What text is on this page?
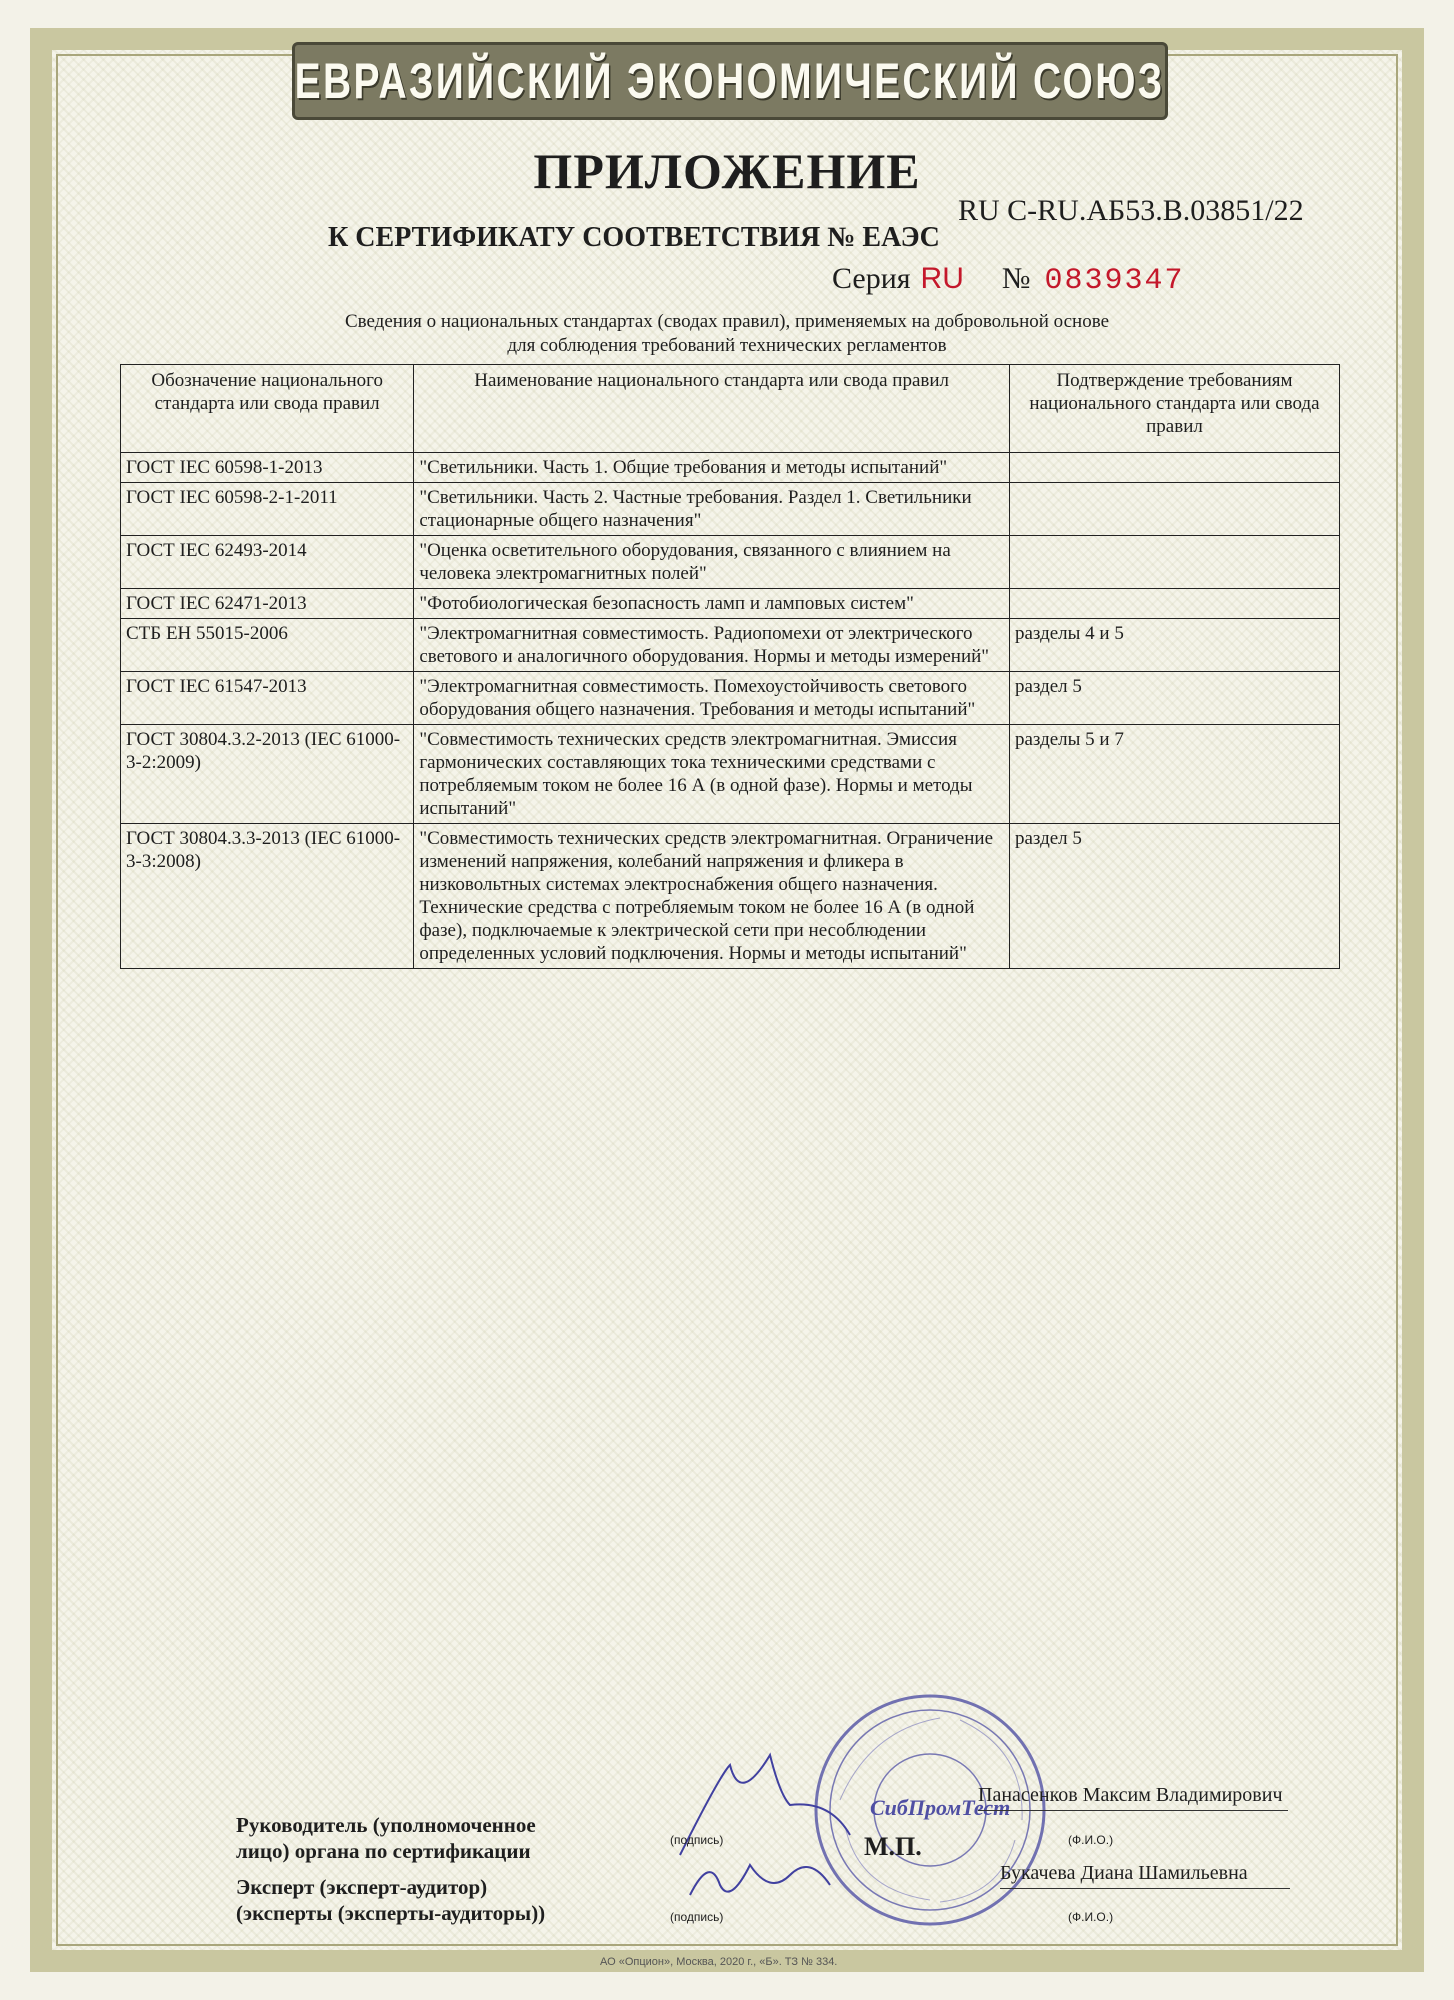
ЕВРАЗИЙСКИЙ ЭКОНОМИЧЕСКИЙ СОЮЗ
ПРИЛОЖЕНИЕ
RU C-RU.АБ53.В.03851/22
К СЕРТИФИКАТУ СООТВЕТСТВИЯ № ЕАЭС
Серия RU № 0839347
Сведения о национальных стандартах (сводах правил), применяемых на добровольной основе
для соблюдения требований технических регламентов
Обозначение национального стандарта или свода правил	Наименование национального стандарта или свода правил	Подтверждение требованиям национального стандарта или свода правил
ГОСТ IEC 60598-1-2013	"Светильники. Часть 1. Общие требования и методы испытаний"	
ГОСТ IEC 60598-2-1-2011	"Светильники. Часть 2. Частные требования. Раздел 1. Светильники стационарные общего назначения"	
ГОСТ IEC 62493-2014	"Оценка осветительного оборудования, связанного с влиянием на человека электромагнитных полей"	
ГОСТ IEC 62471-2013	"Фотобиологическая безопасность ламп и ламповых систем"	
СТБ ЕН 55015-2006	"Электромагнитная совместимость. Радиопомехи от электрического светового и аналогичного оборудования. Нормы и методы измерений"	разделы 4 и 5
ГОСТ IEC 61547-2013	"Электромагнитная совместимость. Помехоустойчивость светового оборудования общего назначения. Требования и методы испытаний"	раздел 5
ГОСТ 30804.3.2-2013 (IEC 61000-3-2:2009)	"Совместимость технических средств электромагнитная. Эмиссия гармонических составляющих тока техническими средствами с потребляемым током не более 16 А (в одной фазе). Нормы и методы испытаний"	разделы 5 и 7
ГОСТ 30804.3.3-2013 (IEC 61000-3-3:2008)	"Совместимость технических средств электромагнитная. Ограничение изменений напряжения, колебаний напряжения и фликера в низковольтных системах электроснабжения общего назначения. Технические средства с потребляемым током не более 16 А (в одной фазе), подключаемые к электрической сети при несоблюдении определенных условий подключения. Нормы и методы испытаний"	раздел 5
СибПромТест
Руководитель (уполномоченное
лицо) органа по сертификации	(подпись)	М.П.
Панасенков Максим Владимирович
(Ф.И.О.)
Эксперт (эксперт-аудитор)
(эксперты (эксперты-аудиторы))	(подпись)
Букачева Диана Шамильевна
(Ф.И.О.)
АО «Опцион», Москва, 2020 г., «Б». ТЗ № 334.
